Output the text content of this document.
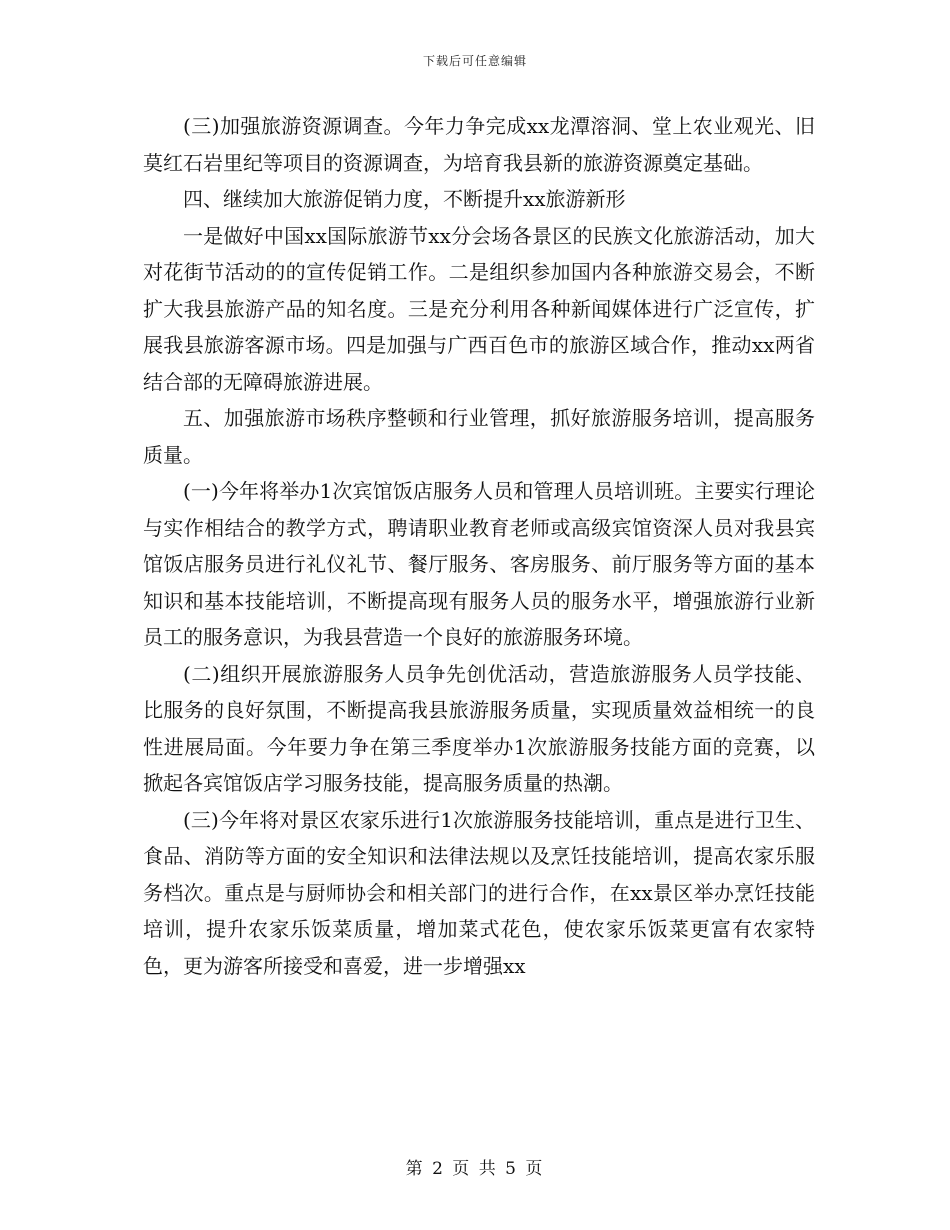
下载后可任意编辑

(三)加强旅游资源调查。今年力争完成xx龙潭溶洞、堂上农业观光、旧莫红石岩里纪等项目的资源调查，为培育我县新的旅游资源奠定基础。

四、继续加大旅游促销力度，不断提升xx旅游新形

一是做好中国xx国际旅游节xx分会场各景区的民族文化旅游活动，加大对花街节活动的的宣传促销工作。二是组织参加国内各种旅游交易会，不断扩大我县旅游产品的知名度。三是充分利用各种新闻媒体进行广泛宣传，扩展我县旅游客源市场。四是加强与广西百色市的旅游区域合作，推动xx两省结合部的无障碍旅游进展。

五、加强旅游市场秩序整顿和行业管理，抓好旅游服务培训，提高服务质量。

(一)今年将举办1次宾馆饭店服务人员和管理人员培训班。主要实行理论与实作相结合的教学方式，聘请职业教育老师或高级宾馆资深人员对我县宾馆饭店服务员进行礼仪礼节、餐厅服务、客房服务、前厅服务等方面的基本知识和基本技能培训，不断提高现有服务人员的服务水平，增强旅游行业新员工的服务意识，为我县营造一个良好的旅游服务环境。

(二)组织开展旅游服务人员争先创优活动，营造旅游服务人员学技能、比服务的良好氛围，不断提高我县旅游服务质量，实现质量效益相统一的良性进展局面。今年要力争在第三季度举办1次旅游服务技能方面的竞赛，以掀起各宾馆饭店学习服务技能，提高服务质量的热潮。

(三)今年将对景区农家乐进行1次旅游服务技能培训，重点是进行卫生、食品、消防等方面的安全知识和法律法规以及烹饪技能培训，提高农家乐服务档次。重点是与厨师协会和相关部门的进行合作，在xx景区举办烹饪技能培训，提升农家乐饭菜质量，增加菜式花色，使农家乐饭菜更富有农家特色，更为游客所接受和喜爱，进一步增强xx

第 2 页 共 5 页
